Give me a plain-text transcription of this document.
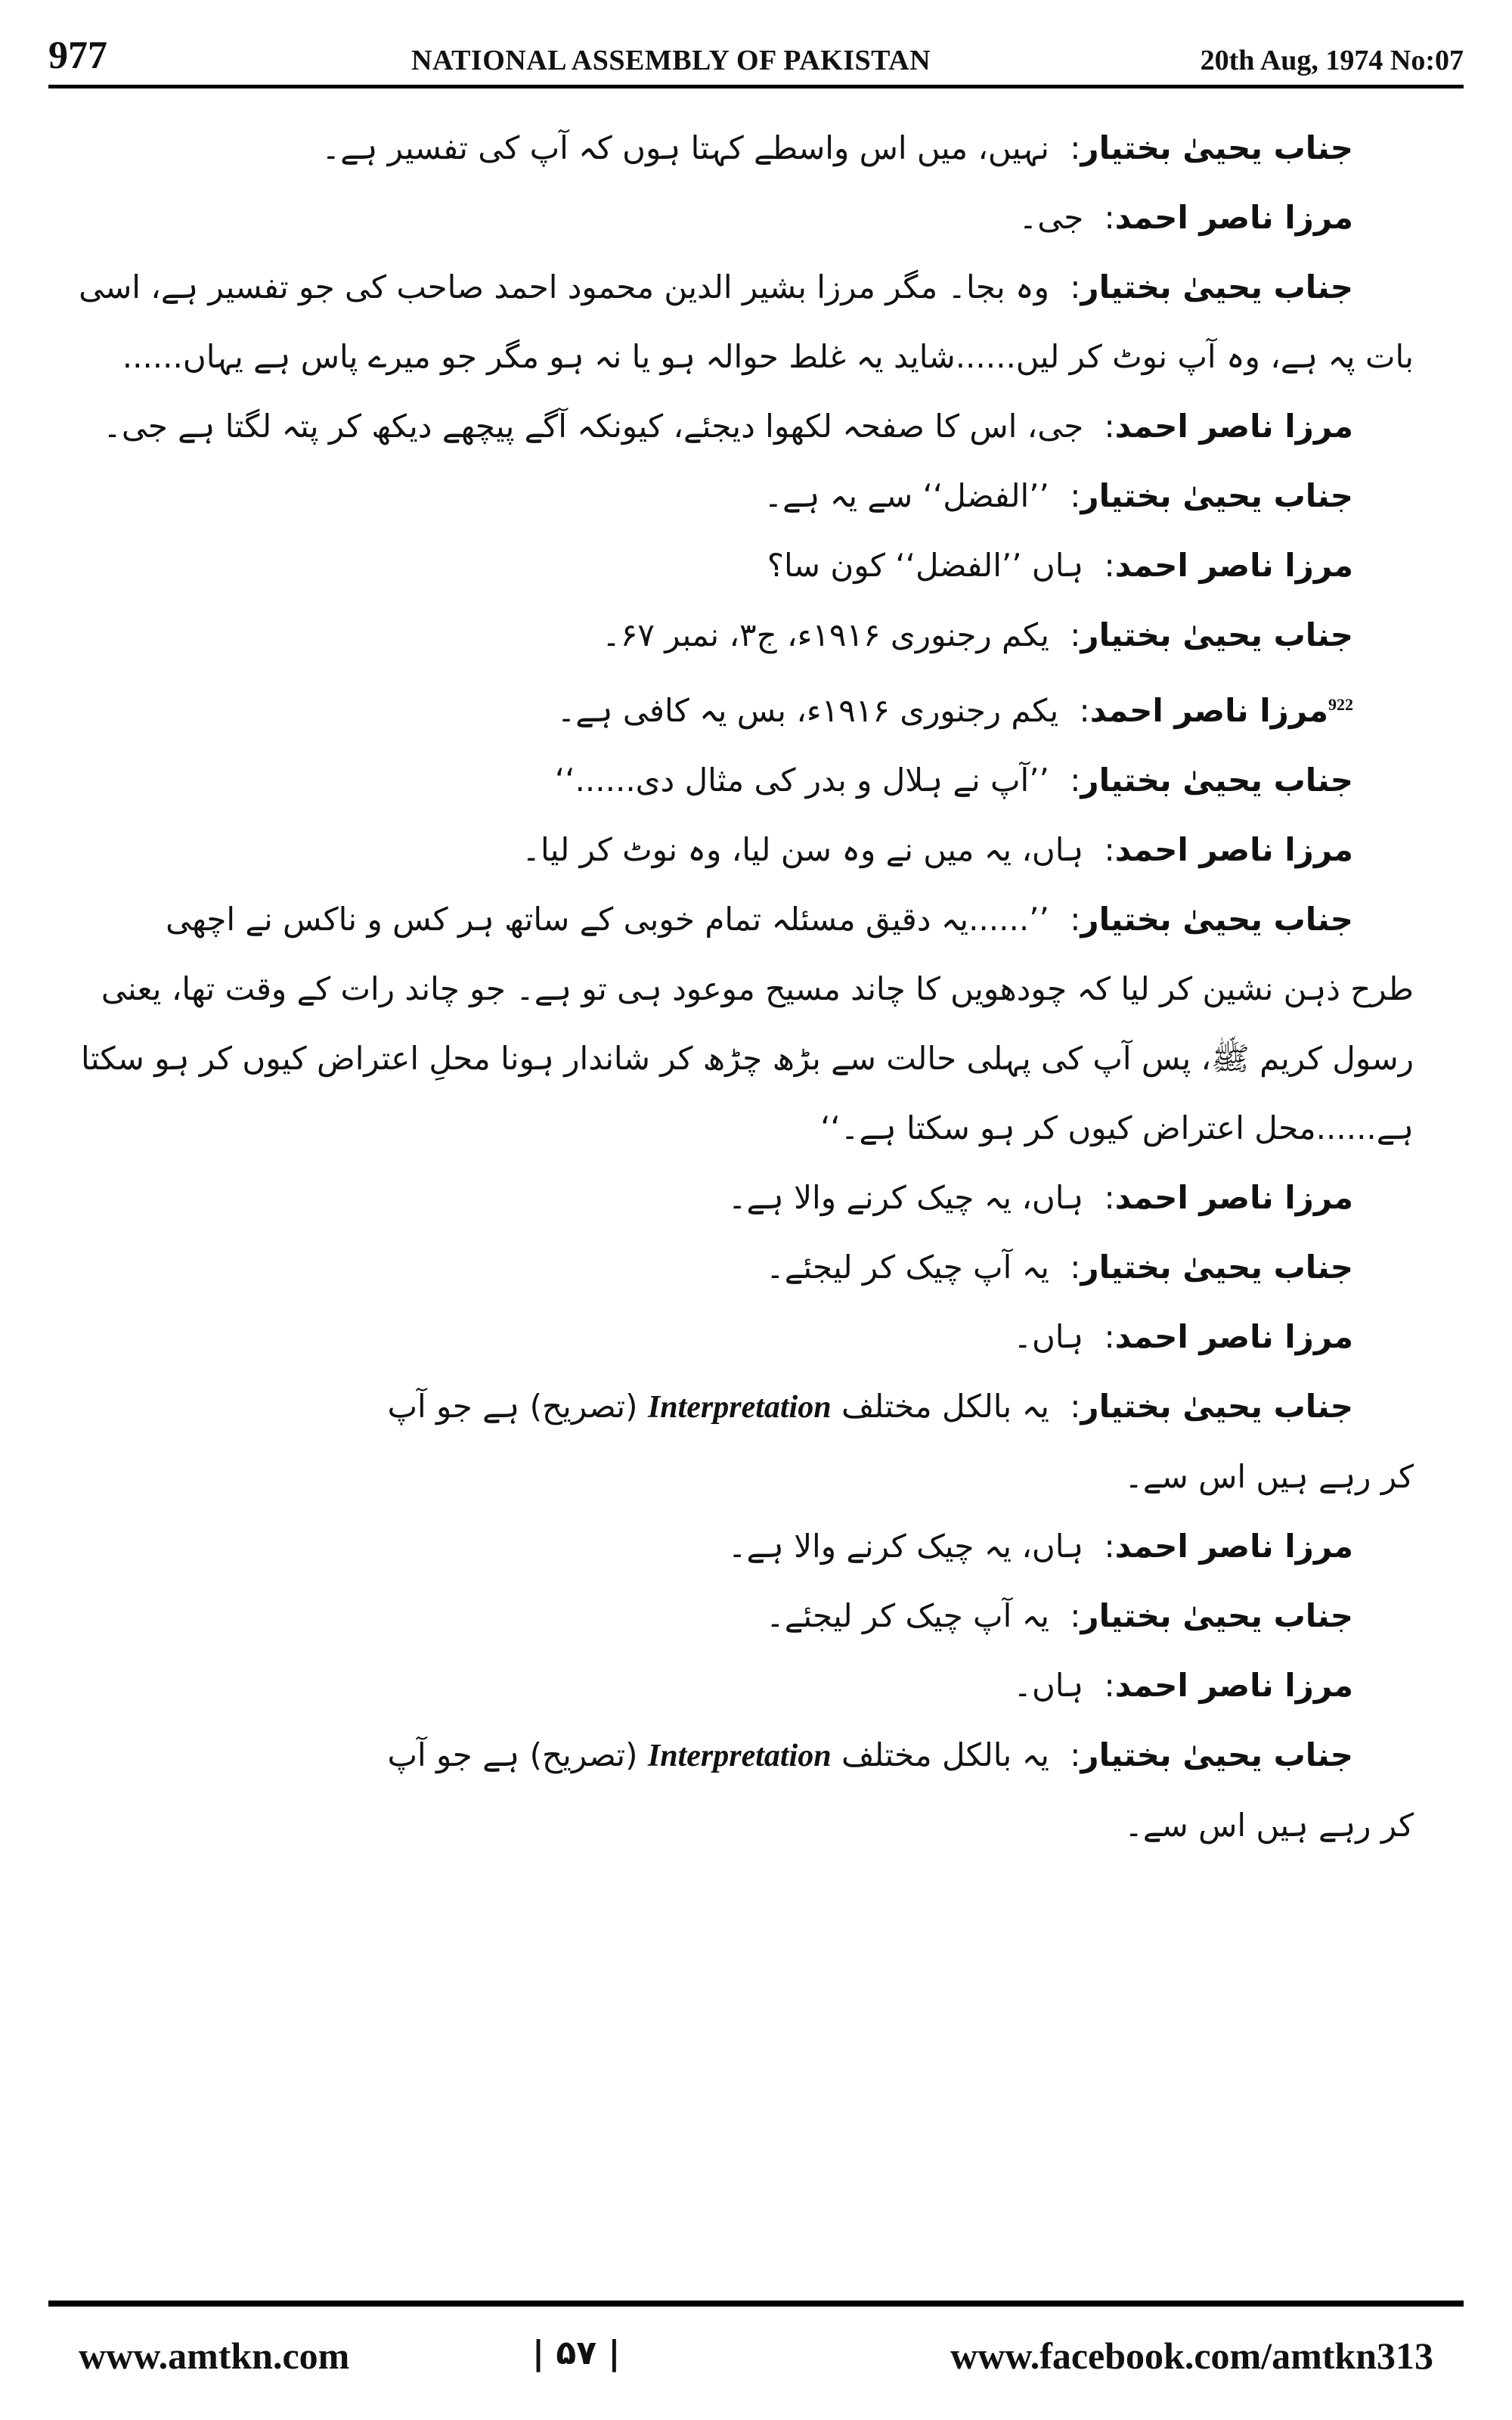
977	NATIONAL ASSEMBLY OF PAKISTAN	20th Aug, 1974 No:07
جناب یحییٰ بختیار: نہیں، میں اس واسطے کہتا ہوں کہ آپ کی تفسیر ہے۔
مرزا ناصر احمد: جی۔
جناب یحییٰ بختیار: وہ بجا۔ مگر مرزا بشیر الدین محمود احمد صاحب کی جو تفسیر ہے، اسی
بات پہ ہے، وہ آپ نوٹ کر لیں......شاید یہ غلط حوالہ ہو یا نہ ہو مگر جو میرے پاس ہے یہاں......
مرزا ناصر احمد: جی، اس کا صفحہ لکھوا دیجئے، کیونکہ آگے پیچھے دیکھ کر پتہ لگتا ہے جی۔
جناب یحییٰ بختیار: ’’الفضل‘‘ سے یہ ہے۔
مرزا ناصر احمد: ہاں ’’الفضل‘‘ کون سا؟
جناب یحییٰ بختیار: یکم رجنوری ۱۹۱۶ء، ج۳، نمبر ۶۷۔
$^{922}$مرزا ناصر احمد: یکم رجنوری ۱۹۱۶ء، بس یہ کافی ہے۔
جناب یحییٰ بختیار: ’’آپ نے ہلال و بدر کی مثال دی......‘‘
مرزا ناصر احمد: ہاں، یہ میں نے وہ سن لیا، وہ نوٹ کر لیا۔
جناب یحییٰ بختیار: ’’......یہ دقیق مسئلہ تمام خوبی کے ساتھ ہر کس و ناکس نے اچھی
طرح ذہن نشین کر لیا کہ چودھویں کا چاند مسیح موعود ہی تو ہے۔ جو چاند رات کے وقت تھا، یعنی
رسول کریم ﷺ، پس آپ کی پہلی حالت سے بڑھ چڑھ کر شاندار ہونا محلِ اعتراض کیوں کر ہو سکتا
ہے......محل اعتراض کیوں کر ہو سکتا ہے۔‘‘
مرزا ناصر احمد: ہاں، یہ چیک کرنے والا ہے۔
جناب یحییٰ بختیار: یہ آپ چیک کر لیجئے۔
مرزا ناصر احمد: ہاں۔
جناب یحییٰ بختیار: یہ بالکل مختلف Interpretation (تصریح) ہے جو آپ
کر رہے ہیں اس سے۔
مرزا ناصر احمد: ہاں، یہ چیک کرنے والا ہے۔
جناب یحییٰ بختیار: یہ آپ چیک کر لیجئے۔
مرزا ناصر احمد: ہاں۔
جناب یحییٰ بختیار: یہ بالکل مختلف Interpretation (تصریح) ہے جو آپ
کر رہے ہیں اس سے۔
www.amtkn.com	| ۵۷ |	www.facebook.com/amtkn313
